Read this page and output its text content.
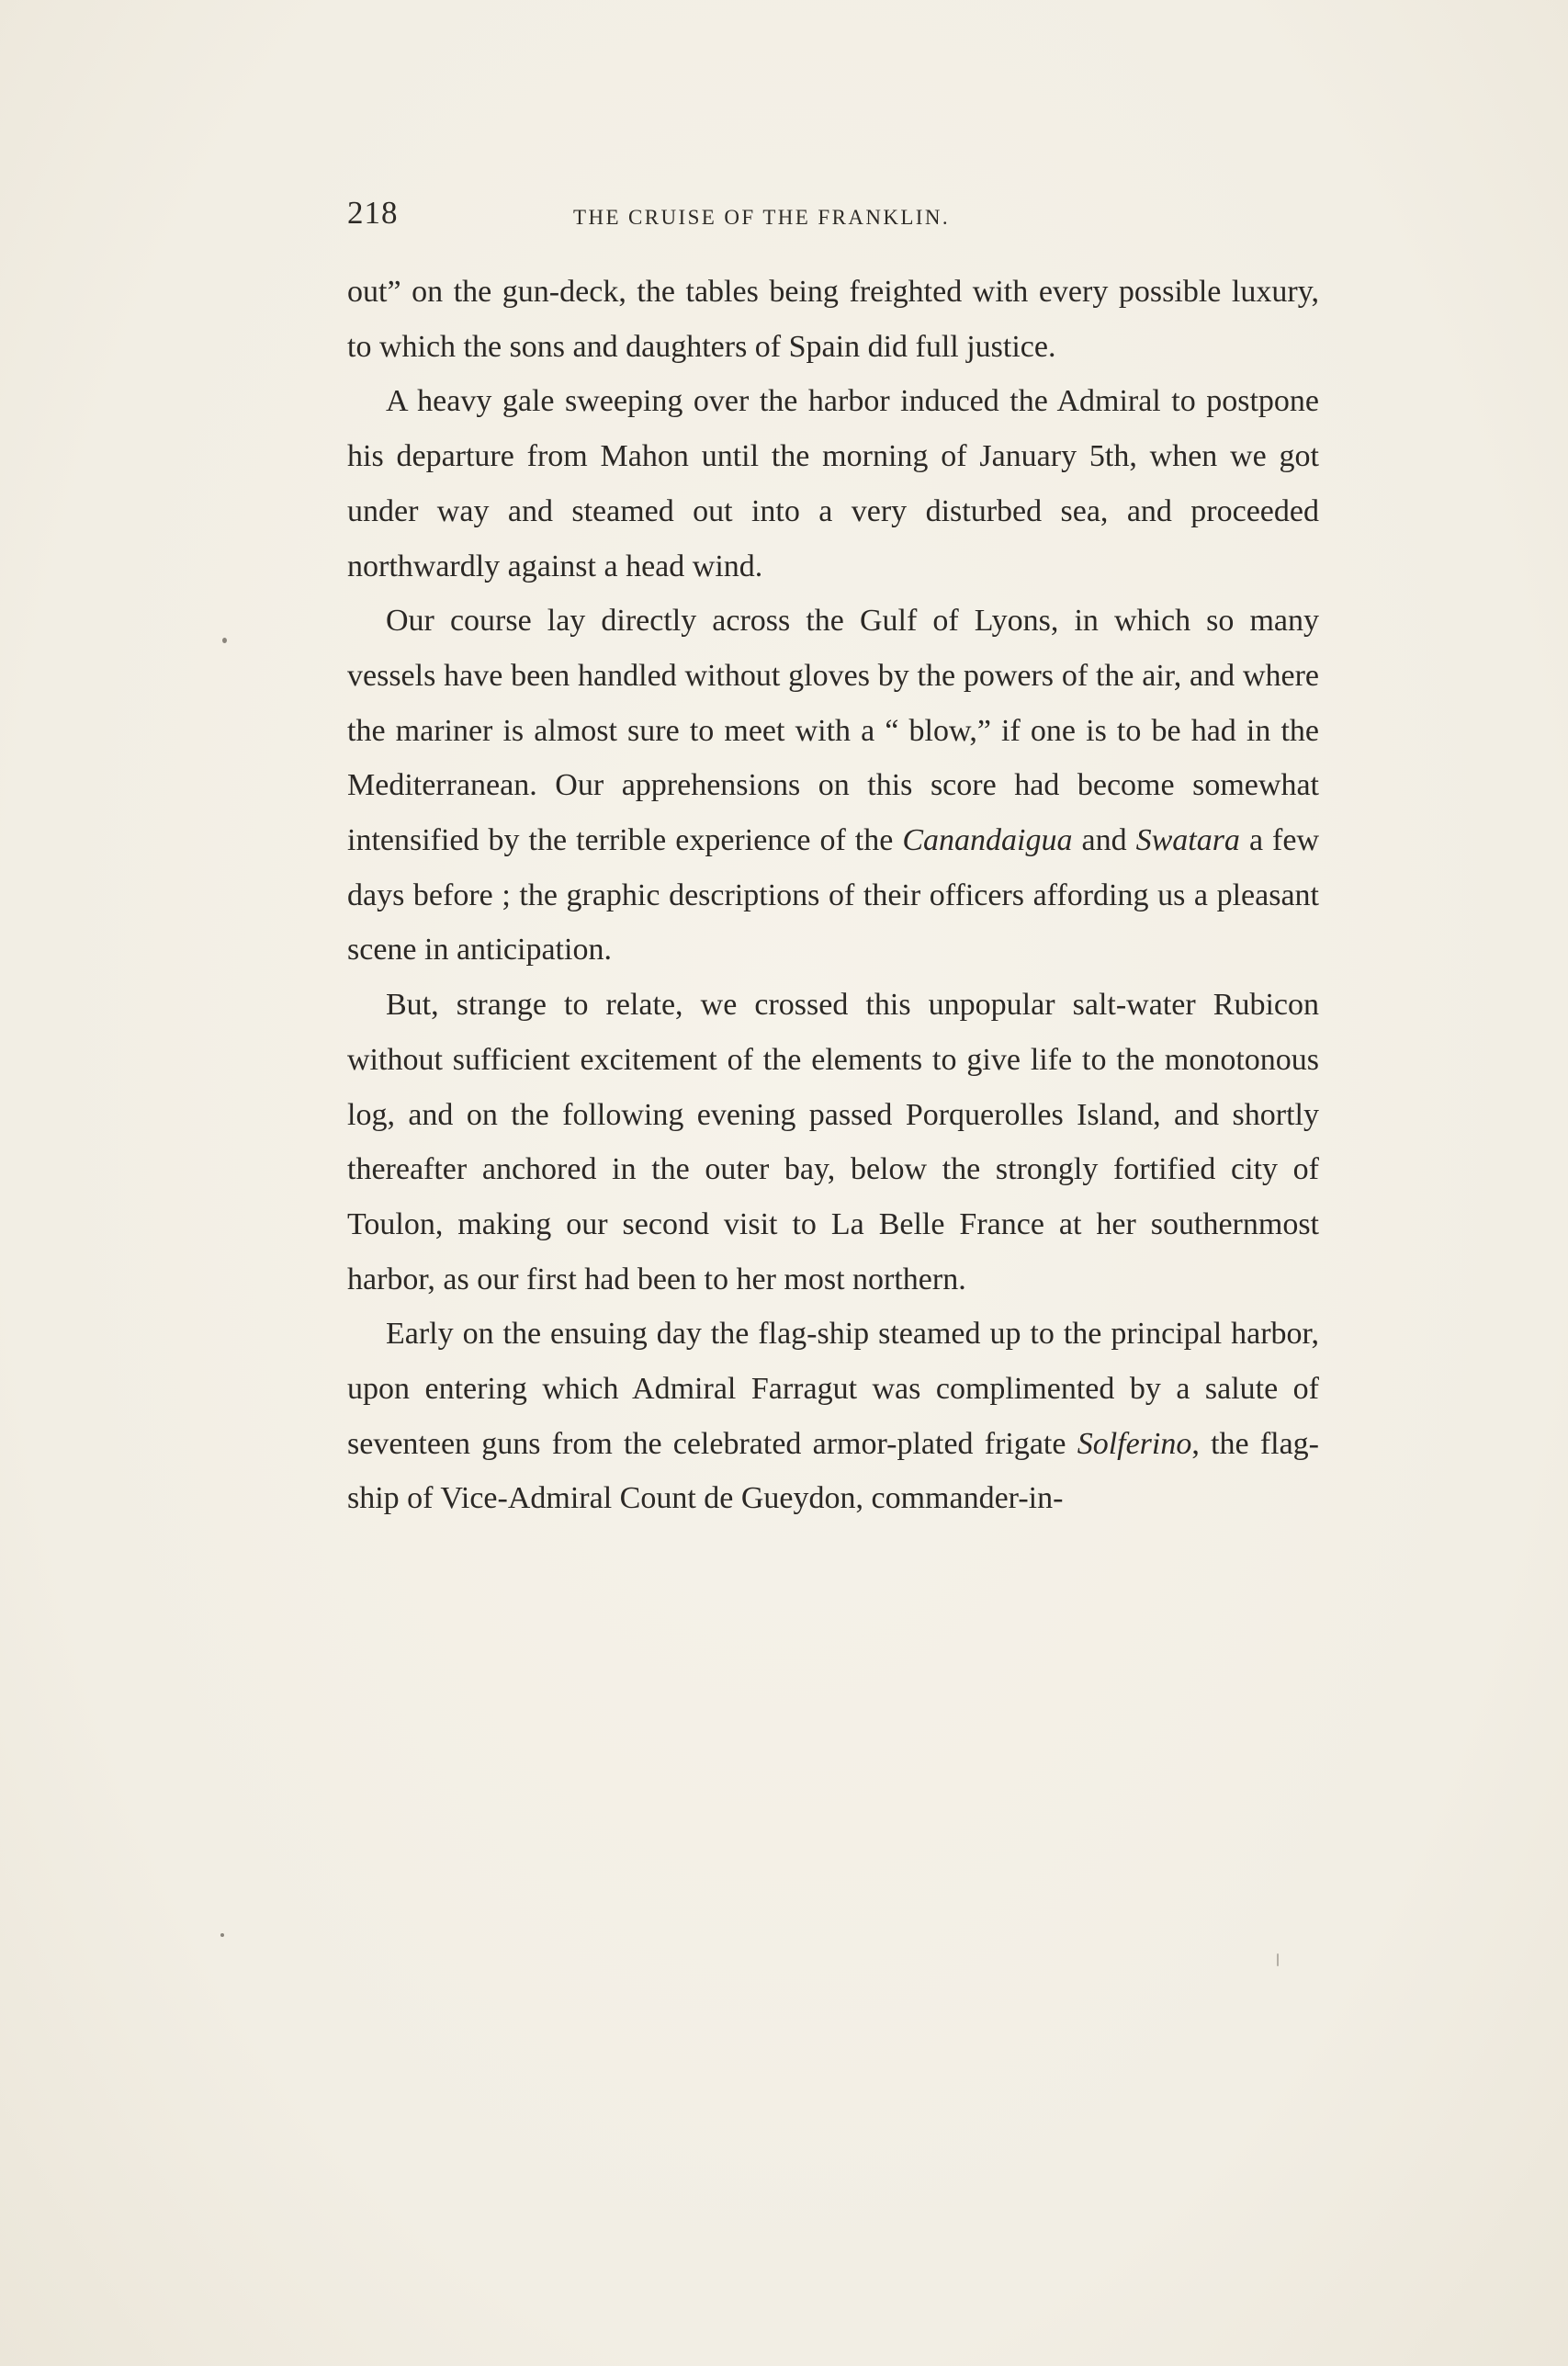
218	THE CRUISE OF THE FRANKLIN.

out” on the gun-deck, the tables being freighted with every possible luxury, to which the sons and daughters of Spain did full justice.

A heavy gale sweeping over the harbor induced the Admiral to postpone his departure from Mahon until the morning of January 5th, when we got under way and steamed out into a very disturbed sea, and proceeded northwardly against a head wind.

Our course lay directly across the Gulf of Lyons, in which so many vessels have been handled without gloves by the powers of the air, and where the mariner is almost sure to meet with a “ blow,” if one is to be had in the Mediterranean. Our apprehensions on this score had become somewhat intensified by the terrible experience of the Canandaigua and Swatara a few days before ; the graphic descriptions of their officers affording us a pleasant scene in anticipation.

But, strange to relate, we crossed this unpopular salt-water Rubicon without sufficient excitement of the elements to give life to the monotonous log, and on the following evening passed Porquerolles Island, and shortly thereafter anchored in the outer bay, below the strongly fortified city of Toulon, making our second visit to La Belle France at her southernmost harbor, as our first had been to her most northern.

Early on the ensuing day the flag-ship steamed up to the principal harbor, upon entering which Admiral Farragut was complimented by a salute of seventeen guns from the celebrated armor-plated frigate Solferino, the flag-ship of Vice-Admiral Count de Gueydon, commander-in-
